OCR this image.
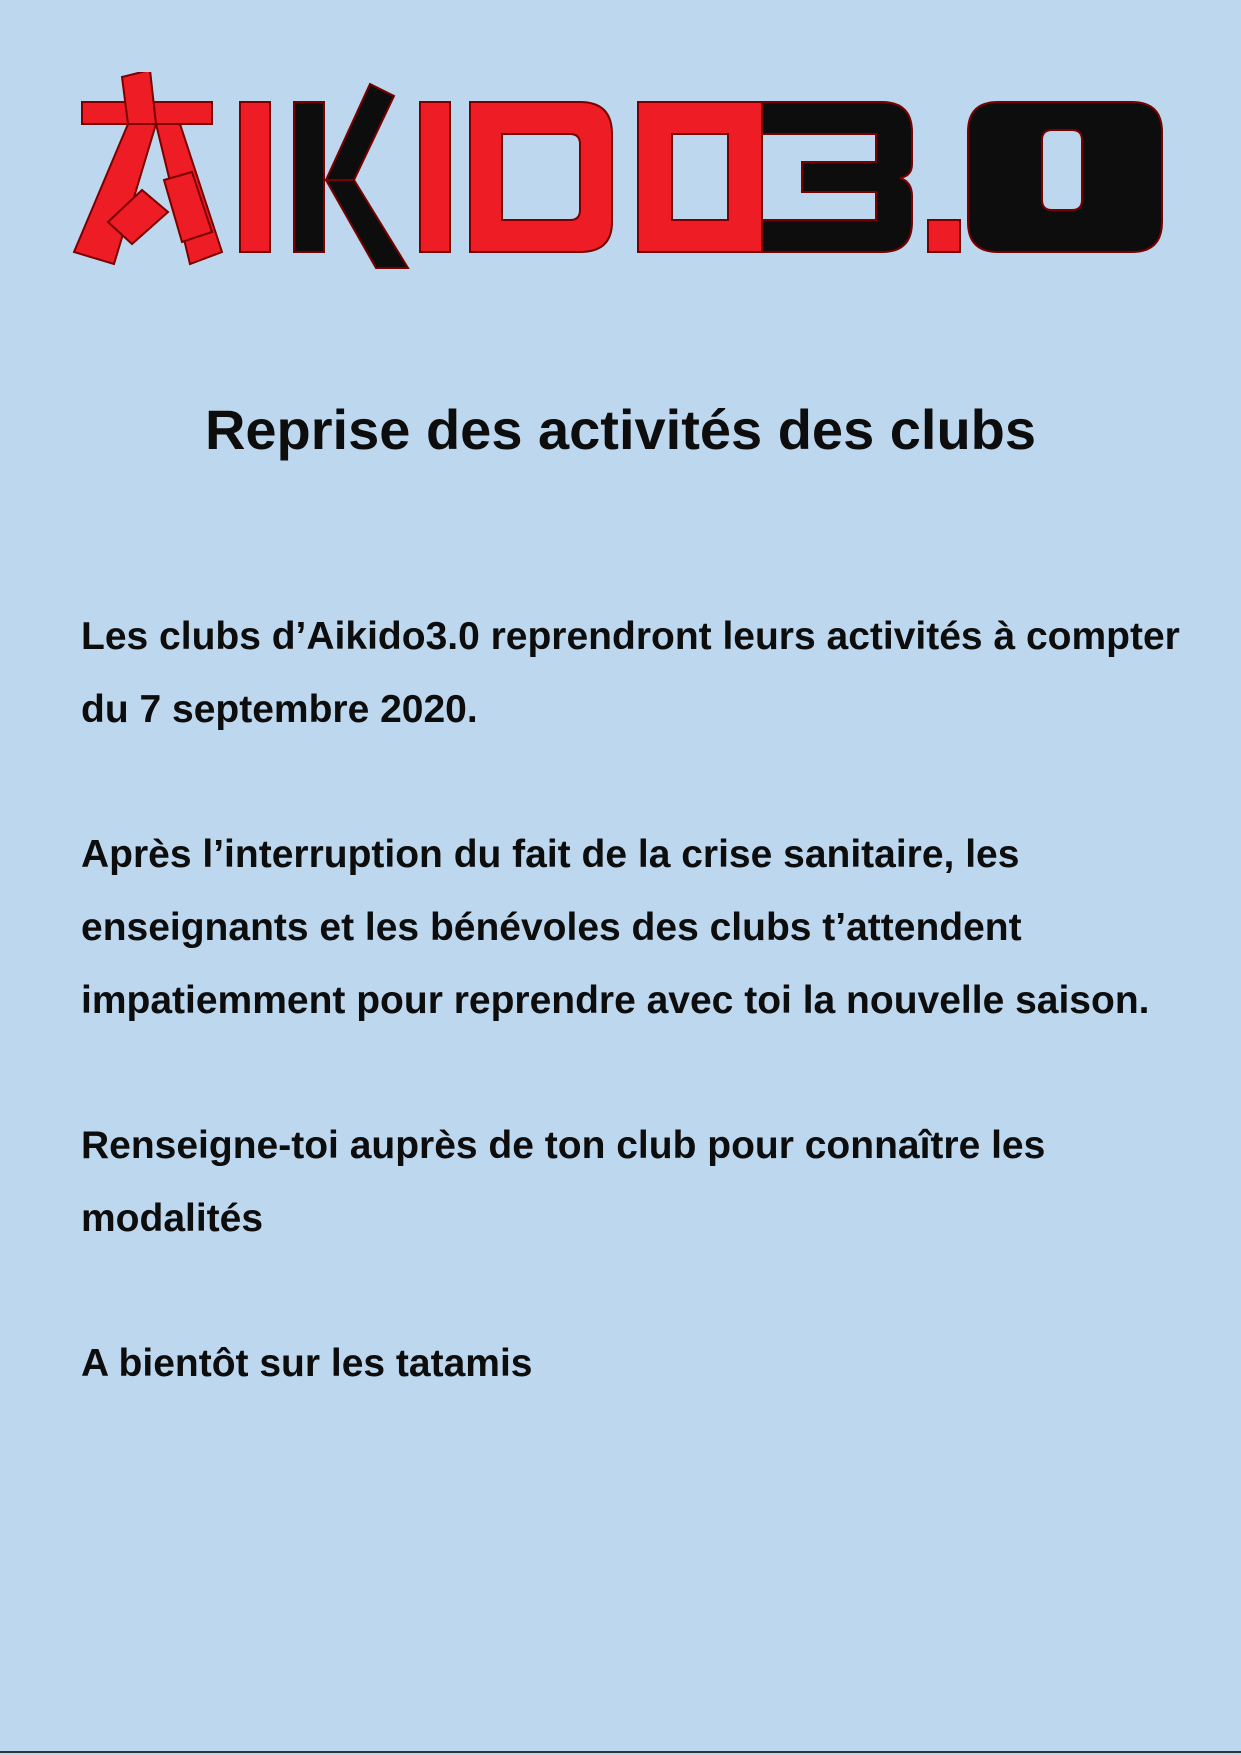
Reprise des activités des clubs

Les clubs d’Aikido3.0 reprendront leurs activités à compter du 7 septembre 2020.

Après l’interruption du fait de la crise sanitaire, les enseignants et les bénévoles des clubs t’attendent impatiemment pour reprendre avec toi la nouvelle saison.

Renseigne-toi auprès de ton club pour connaître les modalités

A bientôt sur les tatamis
